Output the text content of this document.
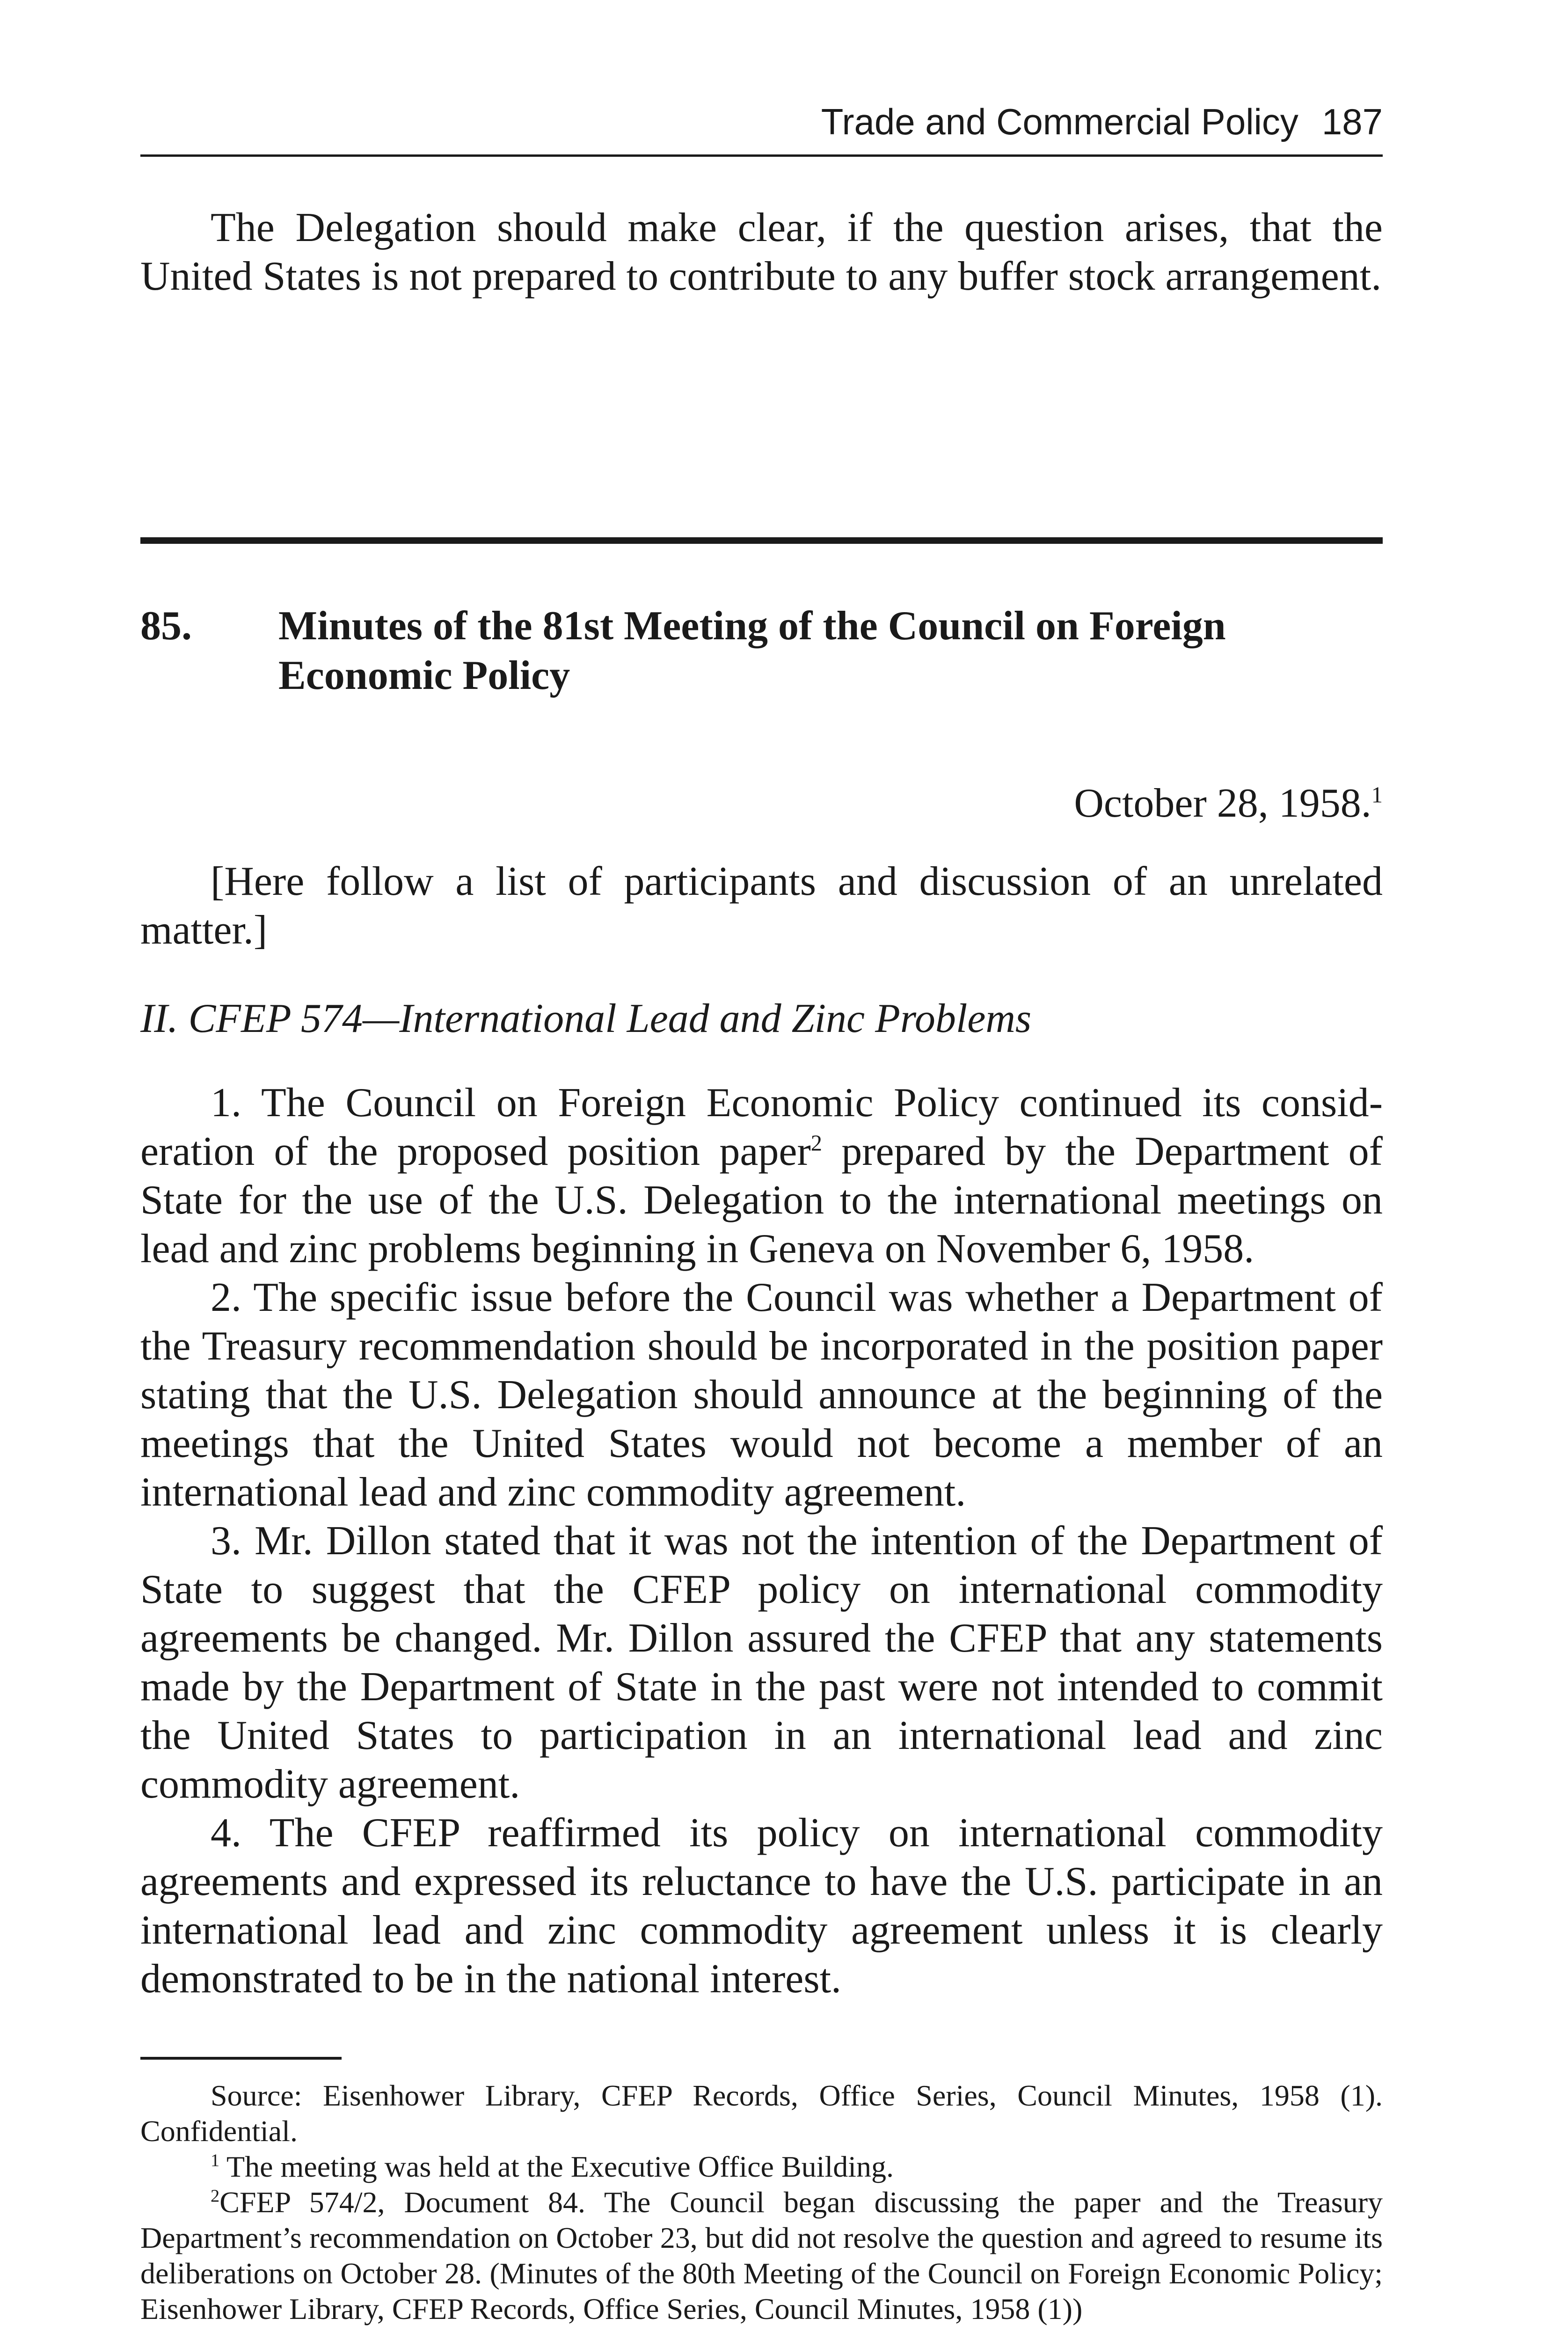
Trade and Commercial Policy 187

The Delegation should make clear, if the question arises, that the United States is not prepared to contribute to any buffer stock arrangement.

85. Minutes of the 81st Meeting of the Council on Foreign Economic Policy
October 28, 1958.$^1$

[Here follow a list of participants and discussion of an unrelated matter.]

II. CFEP 574—International Lead and Zinc Problems

1. The Council on Foreign Economic Policy continued its consideration of the proposed position paper$^2$ prepared by the Department of State for the use of the U.S. Delegation to the international meetings on lead and zinc problems beginning in Geneva on November 6, 1958.

2. The specific issue before the Council was whether a Department of the Treasury recommendation should be incorporated in the position paper stating that the U.S. Delegation should announce at the beginning of the meetings that the United States would not become a member of an international lead and zinc commodity agreement.

3. Mr. Dillon stated that it was not the intention of the Department of State to suggest that the CFEP policy on international commodity agreements be changed. Mr. Dillon assured the CFEP that any statements made by the Department of State in the past were not intended to commit the United States to participation in an international lead and zinc commodity agreement.

4. The CFEP reaffirmed its policy on international commodity agreements and expressed its reluctance to have the U.S. participate in an international lead and zinc commodity agreement unless it is clearly demonstrated to be in the national interest.

Source: Eisenhower Library, CFEP Records, Office Series, Council Minutes, 1958 (1). Confidential.

$^1$ The meeting was held at the Executive Office Building.

$^2$CFEP 574/2, Document 84. The Council began discussing the paper and the Treasury Department’s recommendation on October 23, but did not resolve the question and agreed to resume its deliberations on October 28. (Minutes of the 80th Meeting of the Council on Foreign Economic Policy; Eisenhower Library, CFEP Records, Office Series, Council Minutes, 1958 (1))
